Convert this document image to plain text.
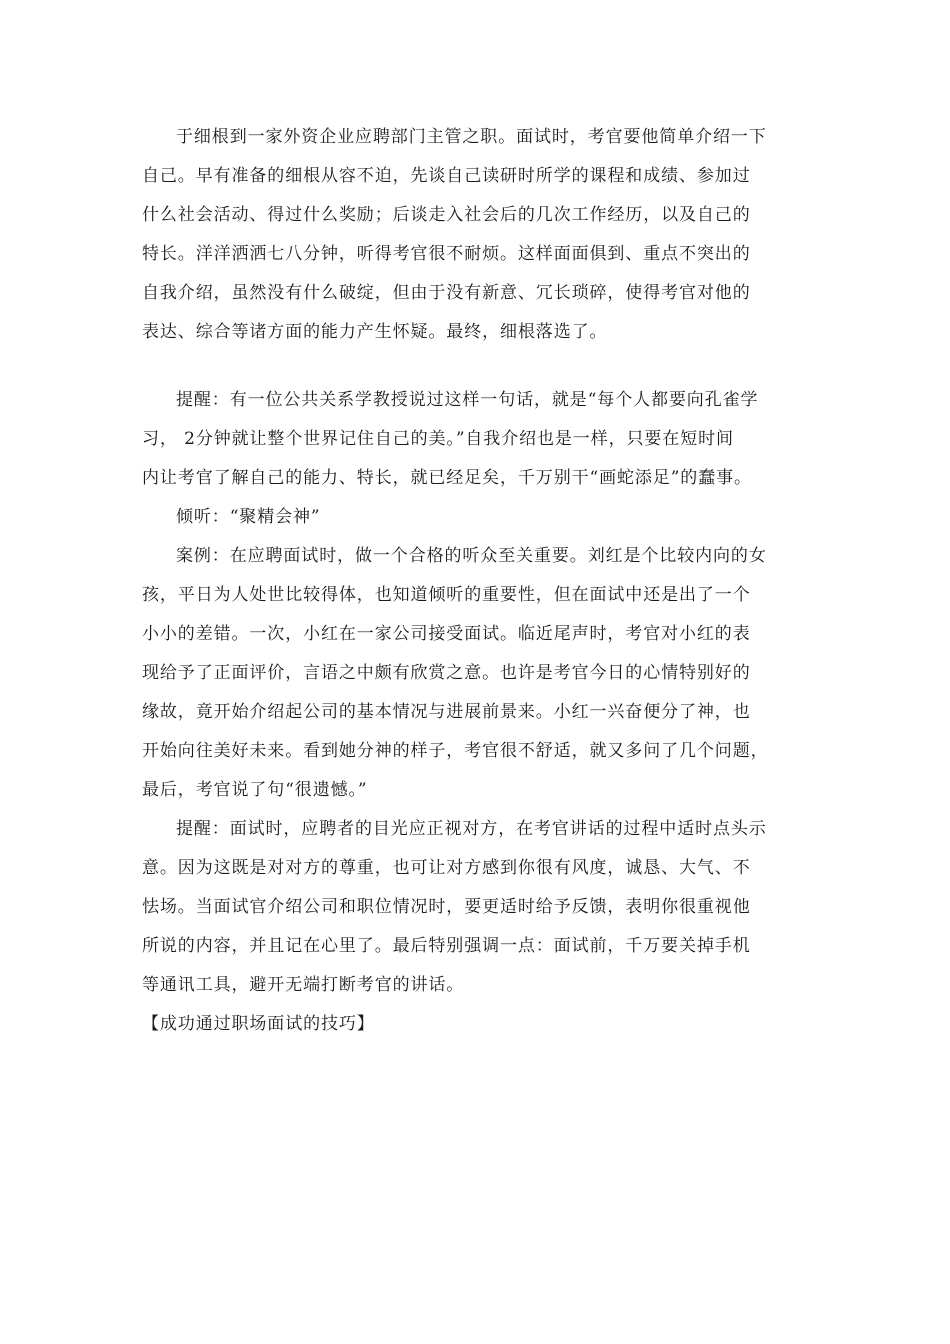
于细根到一家外资企业应聘部门主管之职。面试时，考官要他简单介绍一下
自己。早有准备的细根从容不迫，先谈自己读研时所学的课程和成绩、参加过
什么社会活动、得过什么奖励；后谈走入社会后的几次工作经历，以及自己的
特长。洋洋洒洒七八分钟，听得考官很不耐烦。这样面面俱到、重点不突出的
自我介绍，虽然没有什么破绽，但由于没有新意、冗长琐碎，使得考官对他的
表达、综合等诸方面的能力产生怀疑。最终，细根落选了。
提醒：有一位公共关系学教授说过这样一句话，就是“每个人都要向孔雀学
习， 2分钟就让整个世界记住自己的美。”自我介绍也是一样，只要在短时间
内让考官了解自己的能力、特长，就已经足矣，千万别干“画蛇添足”的蠢事。
倾听：“聚精会神”
案例：在应聘面试时，做一个合格的听众至关重要。刘红是个比较内向的女
孩，平日为人处世比较得体，也知道倾听的重要性，但在面试中还是出了一个
小小的差错。一次，小红在一家公司接受面试。临近尾声时，考官对小红的表
现给予了正面评价，言语之中颇有欣赏之意。也许是考官今日的心情特别好的
缘故，竟开始介绍起公司的基本情况与进展前景来。小红一兴奋便分了神，也
开始向往美好未来。看到她分神的样子，考官很不舒适，就又多问了几个问题，
最后，考官说了句“很遗憾。”
提醒：面试时，应聘者的目光应正视对方，在考官讲话的过程中适时点头示
意。因为这既是对对方的尊重，也可让对方感到你很有风度，诚恳、大气、不
怯场。当面试官介绍公司和职位情况时，要更适时给予反馈，表明你很重视他
所说的内容，并且记在心里了。最后特别强调一点：面试前，千万要关掉手机
等通讯工具，避开无端打断考官的讲话。
【成功通过职场面试的技巧】
